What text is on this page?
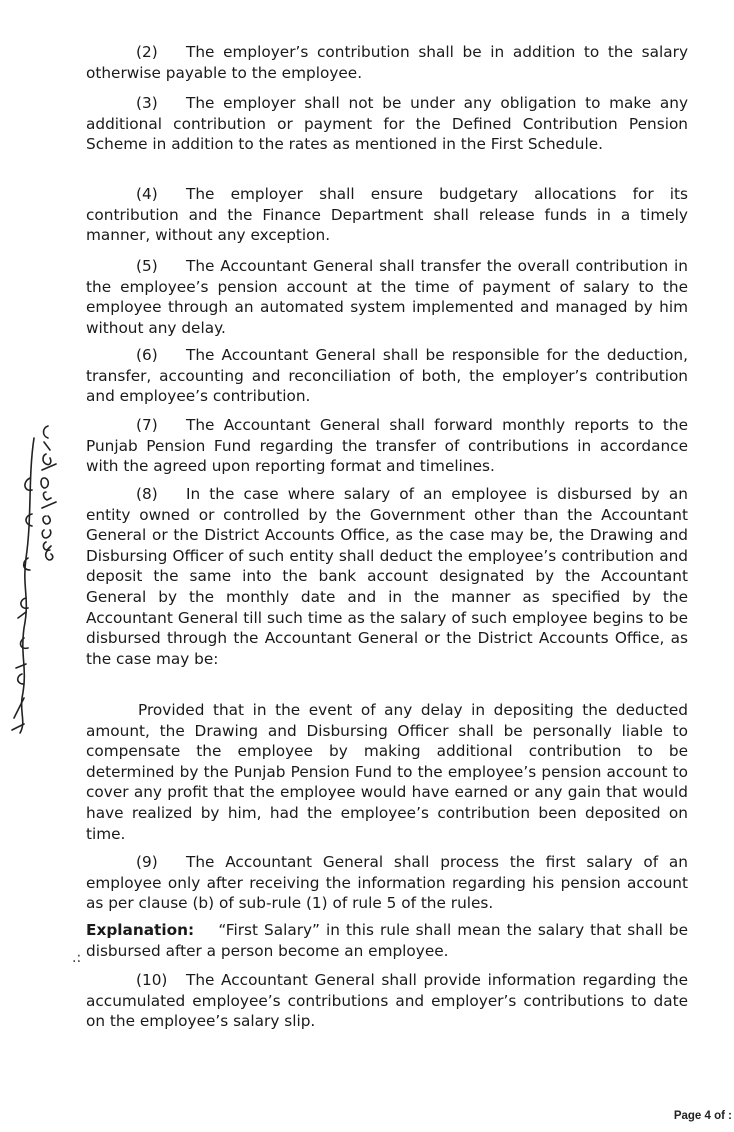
(2) The employer’s contribution shall be in addition to the salary otherwise payable to the employee.

(3) The employer shall not be under any obligation to make any additional contribution or payment for the Defined Contribution Pension Scheme in addition to the rates as mentioned in the First Schedule.

(4) The employer shall ensure budgetary allocations for its contribution and the Finance Department shall release funds in a timely manner, without any exception.

(5) The Accountant General shall transfer the overall contribution in the employee’s pension account at the time of payment of salary to the employee through an automated system implemented and managed by him without any delay.

(6) The Accountant General shall be responsible for the deduction, transfer, accounting and reconciliation of both, the employer’s contribution and employee’s contribution.

(7) The Accountant General shall forward monthly reports to the Punjab Pension Fund regarding the transfer of contributions in accordance with the agreed upon reporting format and timelines.

(8) In the case where salary of an employee is disbursed by an entity owned or controlled by the Government other than the Accountant General or the District Accounts Office, as the case may be, the Drawing and Disbursing Officer of such entity shall deduct the employee’s contribution and deposit the same into the bank account designated by the Accountant General by the monthly date and in the manner as specified by the Accountant General till such time as the salary of such employee begins to be disbursed through the Accountant General or the District Accounts Office, as the case may be:

Provided that in the event of any delay in depositing the deducted amount, the Drawing and Disbursing Officer shall be personally liable to compensate the employee by making additional contribution to be determined by the Punjab Pension Fund to the employee’s pension account to cover any profit that the employee would have earned or any gain that would have realized by him, had the employee’s contribution been deposited on time.

(9) The Accountant General shall process the first salary of an employee only after receiving the information regarding his pension account as per clause (b) of sub-rule (1) of rule 5 of the rules.

Explanation: “First Salary” in this rule shall mean the salary that shall be disbursed after a person become an employee.

.:

(10) The Accountant General shall provide information regarding the accumulated employee’s contributions and employer’s contributions to date on the employee’s salary slip.

Page 4 of :
